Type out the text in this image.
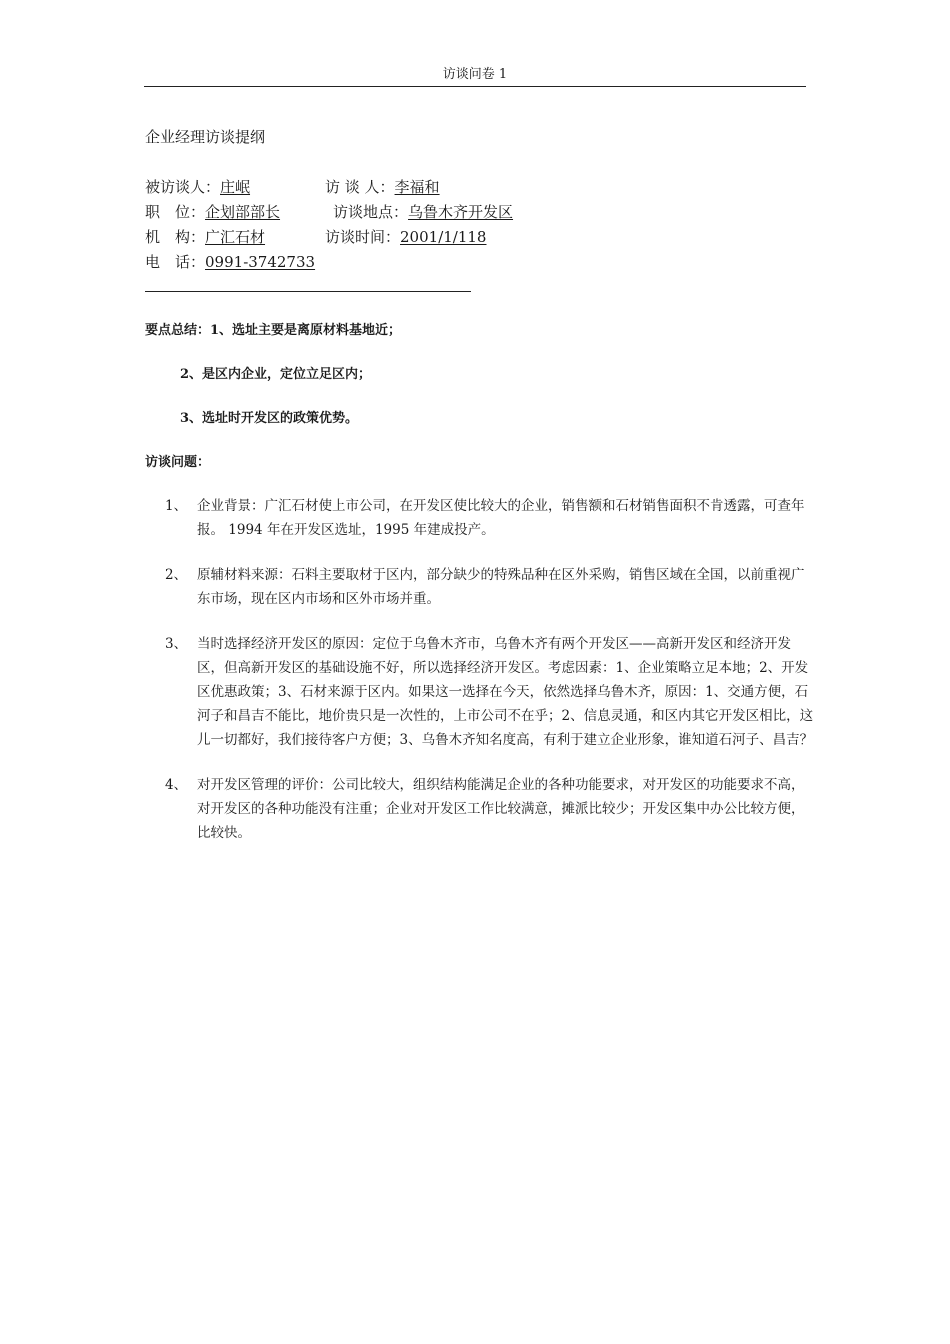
访谈问卷 1
企业经理访谈提纲
被访谈人：庄岷	访 谈 人：李福和
职　位：企划部部长	访谈地点：乌鲁木齐开发区
机　构：广汇石材	访谈时间：2001/1/118
电　话：0991-3742733
要点总结：1、选址主要是离原材料基地近；
2、是区内企业，定位立足区内；
3、选址时开发区的政策优势。
访谈问题：
1、 企业背景：广汇石材使上市公司，在开发区使比较大的企业，销售额和石材销售面积不肯透露，可查年报。 1994 年在开发区选址，1995 年建成投产。
2、 原辅材料来源：石料主要取材于区内，部分缺少的特殊品种在区外采购，销售区域在全国，以前重视广东市场，现在区内市场和区外市场并重。
3、 当时选择经济开发区的原因：定位于乌鲁木齐市，乌鲁木齐有两个开发区——高新开发区和经济开发区，但高新开发区的基础设施不好，所以选择经济开发区。考虑因素：1、企业策略立足本地；2、开发区优惠政策；3、石材来源于区内。如果这一选择在今天，依然选择乌鲁木齐，原因：1、交通方便，石河子和昌吉不能比，地价贵只是一次性的，上市公司不在乎；2、信息灵通，和区内其它开发区相比，这儿一切都好，我们接待客户方便；3、乌鲁木齐知名度高，有利于建立企业形象，谁知道石河子、昌吉？
4、 对开发区管理的评价：公司比较大，组织结构能满足企业的各种功能要求，对开发区的功能要求不高，对开发区的各种功能没有注重；企业对开发区工作比较满意，摊派比较少；开发区集中办公比较方便，比较快。
